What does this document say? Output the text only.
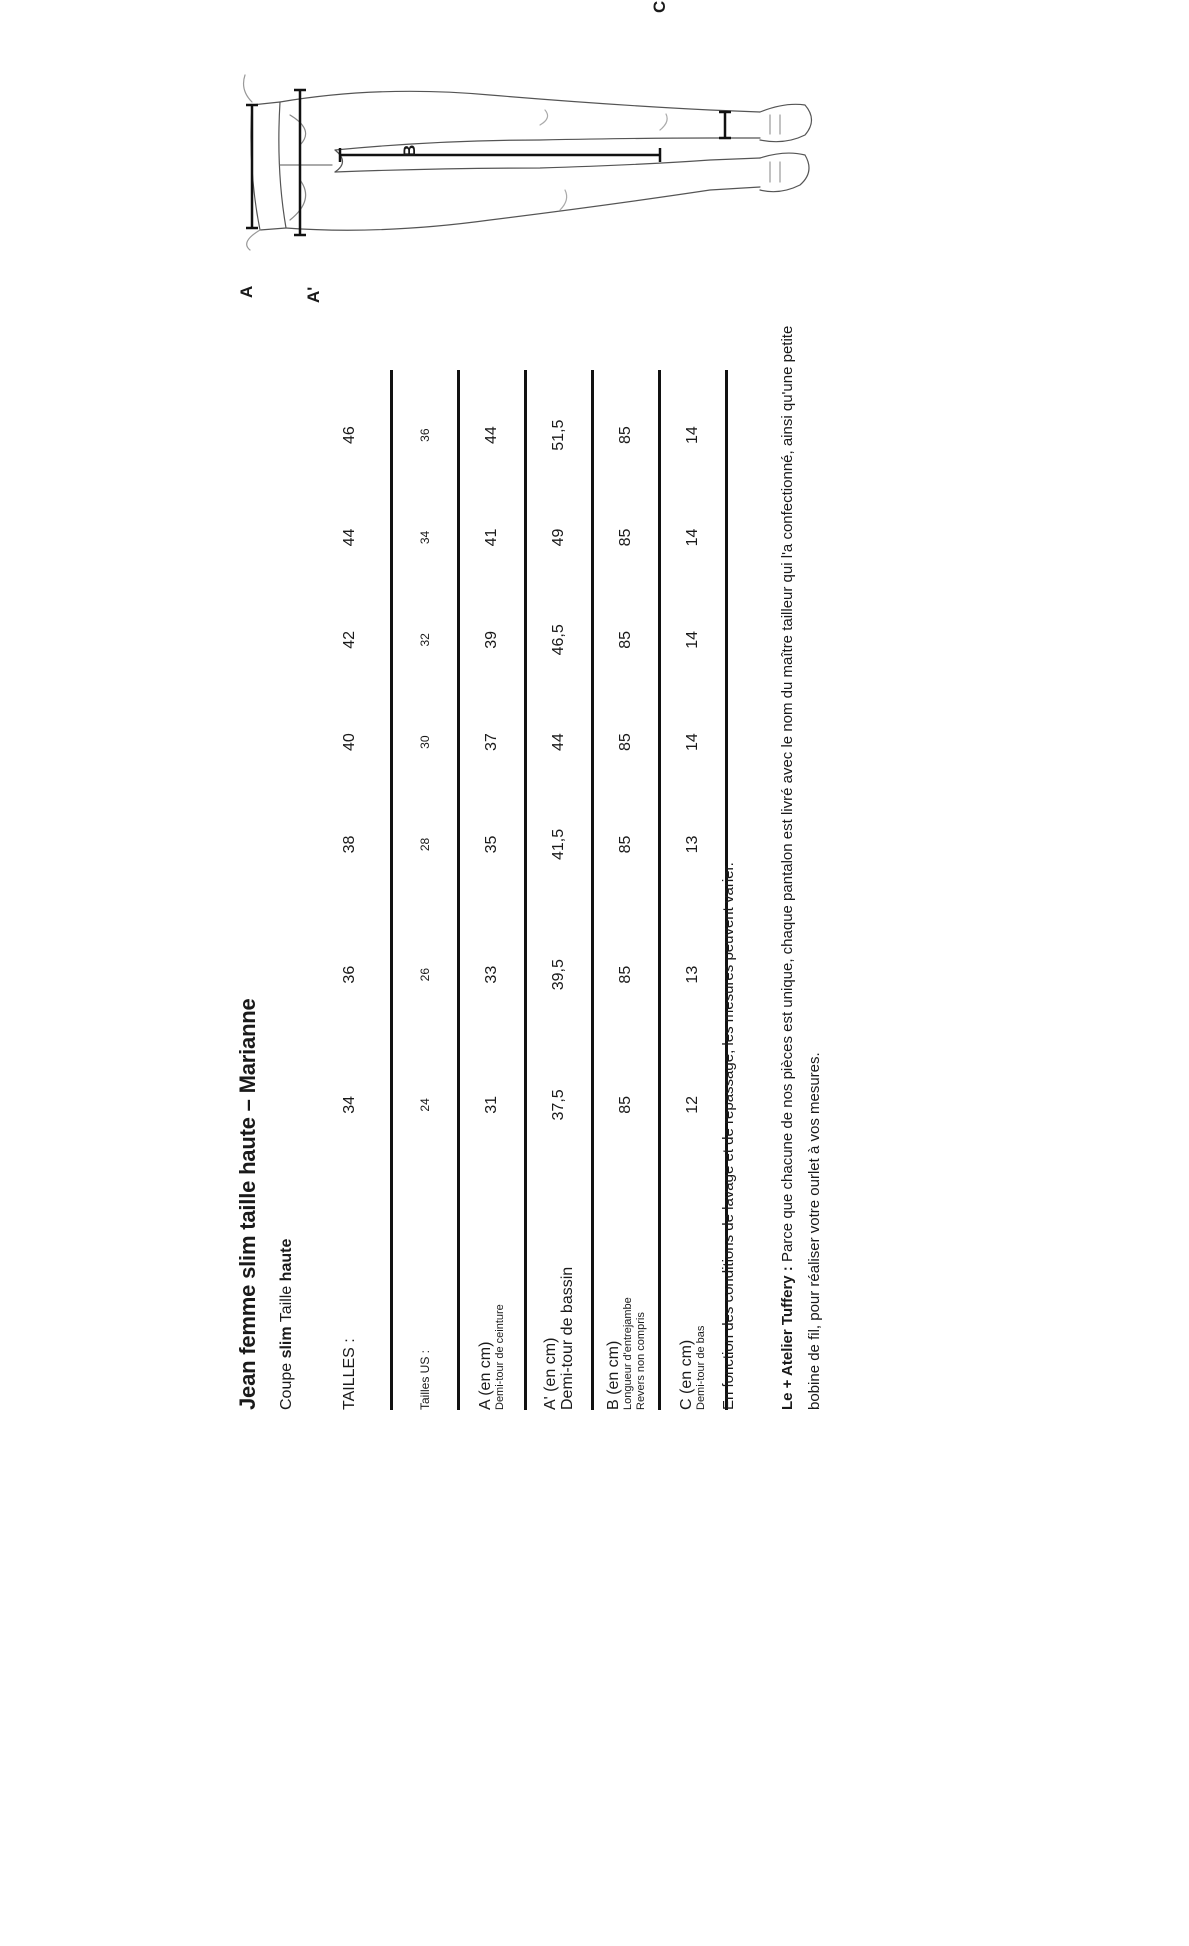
Jean femme slim taille haute – Marianne Coupe slim Taille haute
TAILLES :	34	36	38	40	42	44	46
Tailles US :	24	26	28	30	32	34	36

A (en cm) Demi-tour de ceinture	31	33	35	37	39	41	44

A' (en cm) Demi-tour de bassin	37,5	39,5	41,5	44	46,5	49	51,5

B (en cm) Longueur d'entrejambe Revers non compris	85	85	85	85	85	85	85

C (en cm) Demi-tour de bas	12	13	13	14	14	14	14
En fonction des conditions de lavage et de repassage, les mesures peuvent varier.	Le + Atelier Tuffery : Parce que chacune de nos pièces est unique, chaque pantalon est livré avec le nom du maître tailleur qui l'a confectionné, ainsi qu'une petite bobine de fil, pour réaliser votre ourlet à vos mesures.
A	A'
B
C
